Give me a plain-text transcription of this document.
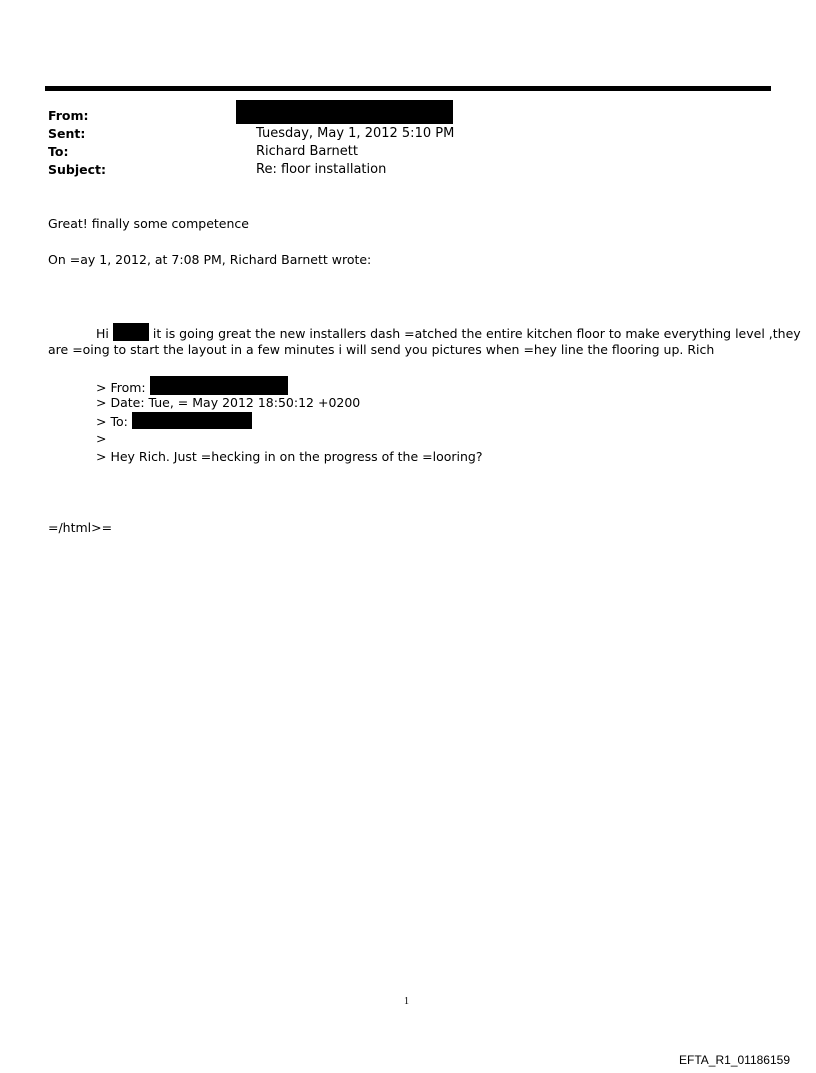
From:
Sent:	Tuesday, May 1, 2012 5:10 PM
To:	Richard Barnett
Subject:	Re: floor installation
Great! finally some competence
On =ay 1, 2012, at 7:08 PM, Richard Barnett wrote:
Hi	it is going great the new installers dash =atched the entire kitchen floor to make everything level ,they
are =oing to start the layout in a few minutes i will send you pictures when =hey line the flooring up. Rich
> From:
> Date: Tue, = May 2012 18:50:12 +0200
> To:
>
> Hey Rich. Just =hecking in on the progress of the =looring?
=/html>=
1
EFTA_R1_01186159
